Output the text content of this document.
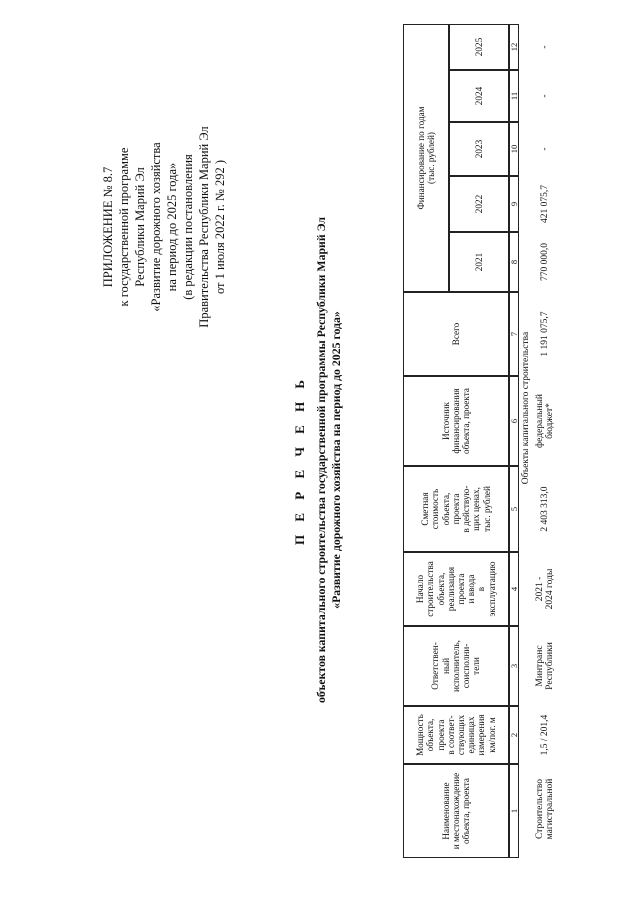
ПРИЛОЖЕНИЕ № 8.7 к государственной программе Республики Марий Эл «Развитие дорожного хозяйства на период до 2025 года» (в редакции постановления Правительства Республики Марий Эл от 1 июля 2022 г. № 292 )
П Е Р Е Ч Е Н Ь объектов капитального строительства государственной программы Республики Марий Эл «Развитие дорожного хозяйства на период до 2025 года»
Наименование и местонахождение объекта, проекта
Мощность объекта, проекта в соответ- ствующих единицах измерения км/пог. м
Ответствен- ный исполнитель, соисполни- тели
Начало строительства объекта, реализация проекта и ввода в эксплуатацию
Сметная стоимость объекта, проекта в действую- щих ценах, тыс. рублей
Источник финансирования объекта, проекта
Всего
Финансирование по годам (тыс. рублей)
2021
2022
2023
2024
2025
1
2
3
4
5
6
7
8
9
10
11
12
Объекты капитального строительства
Строительство магистральной
1,5 / 201,4
Минтранс Республики
2021 - 2024 годы
2 403 313,0
федеральный бюджет*
1 191 075,7
770 000,0
421 075,7
-
-
-
